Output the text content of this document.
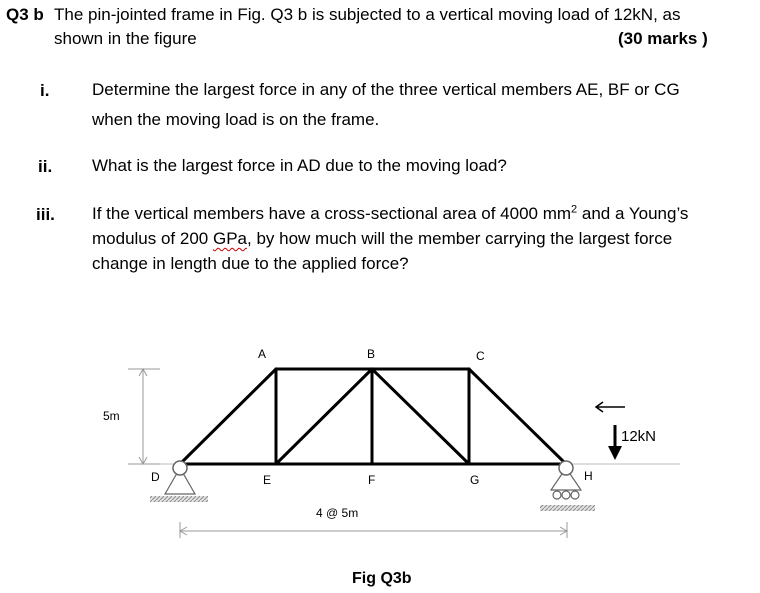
Q3 b The pin-jointed frame in Fig. Q3 b is subjected to a vertical moving load of 12kN, as
shown in the figure	(30 marks )
i.	Determine the largest force in any of the three vertical members AE, BF or CG
when the moving load is on the frame.
ii. What is the largest force in AD due to the moving load?
iii. If the vertical members have a cross-sectional area of 4000 $mm^2$ and a Young’s
modulus of 200 GPa, by how much will the member carrying the largest force
change in length due to the applied force?
A	B	C
D	E	F	G	H
5m
4 @ 5m
12kN
Fig Q3b
